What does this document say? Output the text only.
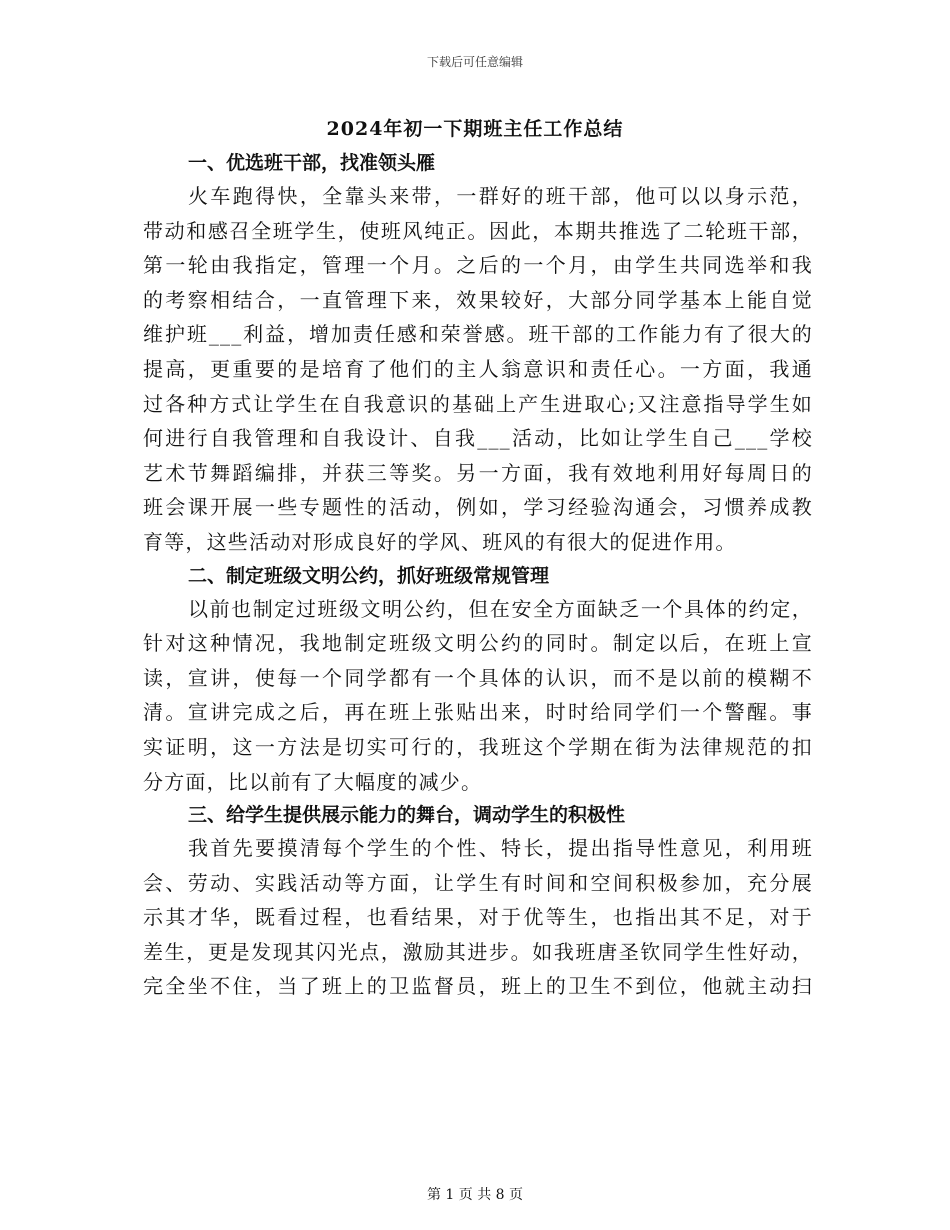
下载后可任意编辑
2024年初一下期班主任工作总结
一、优选班干部，找准领头雁
火车跑得快，全靠头来带，一群好的班干部，他可以以身示范，
带动和感召全班学生，使班风纯正。因此，本期共推选了二轮班干部，
第一轮由我指定，管理一个月。之后的一个月，由学生共同选举和我
的考察相结合，一直管理下来，效果较好，大部分同学基本上能自觉
维护班___利益，增加责任感和荣誉感。班干部的工作能力有了很大的
提高，更重要的是培育了他们的主人翁意识和责任心。一方面，我通
过各种方式让学生在自我意识的基础上产生进取心;又注意指导学生如
何进行自我管理和自我设计、自我___活动，比如让学生自己___学校
艺术节舞蹈编排，并获三等奖。另一方面，我有效地利用好每周日的
班会课开展一些专题性的活动，例如，学习经验沟通会，习惯养成教
育等，这些活动对形成良好的学风、班风的有很大的促进作用。
二、制定班级文明公约，抓好班级常规管理
以前也制定过班级文明公约，但在安全方面缺乏一个具体的约定，
针对这种情况，我地制定班级文明公约的同时。制定以后，在班上宣
读，宣讲，使每一个同学都有一个具体的认识，而不是以前的模糊不
清。宣讲完成之后，再在班上张贴出来，时时给同学们一个警醒。事
实证明，这一方法是切实可行的，我班这个学期在街为法律规范的扣
分方面，比以前有了大幅度的减少。
三、给学生提供展示能力的舞台，调动学生的积极性
我首先要摸清每个学生的个性、特长，提出指导性意见，利用班
会、劳动、实践活动等方面，让学生有时间和空间积极参加，充分展
示其才华，既看过程，也看结果，对于优等生，也指出其不足，对于
差生，更是发现其闪光点，激励其进步。如我班唐圣钦同学生性好动，
完全坐不住，当了班上的卫监督员，班上的卫生不到位，他就主动扫
第 1 页 共 8 页
